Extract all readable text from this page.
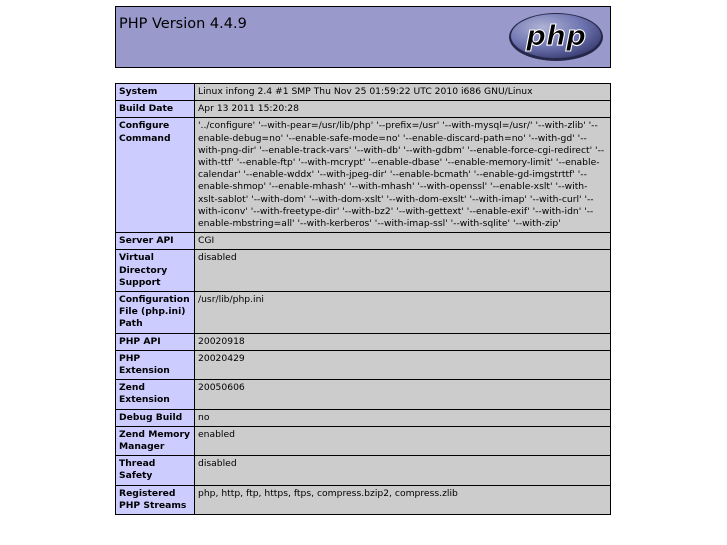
PHP Version 4.4.9	php
System	Linux infong 2.4 #1 SMP Thu Nov 25 01:59:22 UTC 2010 i686 GNU/Linux
Build Date	Apr 13 2011 15:20:28
Configure Command	'../configure' '--with-pear=/usr/lib/php' '--prefix=/usr' '--with-mysql=/usr/' '--with-zlib' '--enable-debug=no' '--enable-safe-mode=no' '--enable-discard-path=no' '--with-gd' '--with-png-dir' '--enable-track-vars' '--with-db' '--with-gdbm' '--enable-force-cgi-redirect' '--with-ttf' '--enable-ftp' '--with-mcrypt' '--enable-dbase' '--enable-memory-limit' '--enable-calendar' '--enable-wddx' '--with-jpeg-dir' '--enable-bcmath' '--enable-gd-imgstrttf' '--enable-shmop' '--enable-mhash' '--with-mhash' '--with-openssl' '--enable-xslt' '--with-xslt-sablot' '--with-dom' '--with-dom-xslt' '--with-dom-exslt' '--with-imap' '--with-curl' '--with-iconv' '--with-freetype-dir' '--with-bz2' '--with-gettext' '--enable-exif' '--with-idn' '--enable-mbstring=all' '--with-kerberos' '--with-imap-ssl' '--with-sqlite' '--with-zip'
Server API	CGI
Virtual Directory Support	disabled
Configuration File (php.ini) Path	/usr/lib/php.ini
PHP API	20020918
PHP Extension	20020429
Zend Extension	20050606
Debug Build	no
Zend Memory Manager	enabled
Thread Safety	disabled
Registered PHP Streams	php, http, ftp, https, ftps, compress.bzip2, compress.zlib
